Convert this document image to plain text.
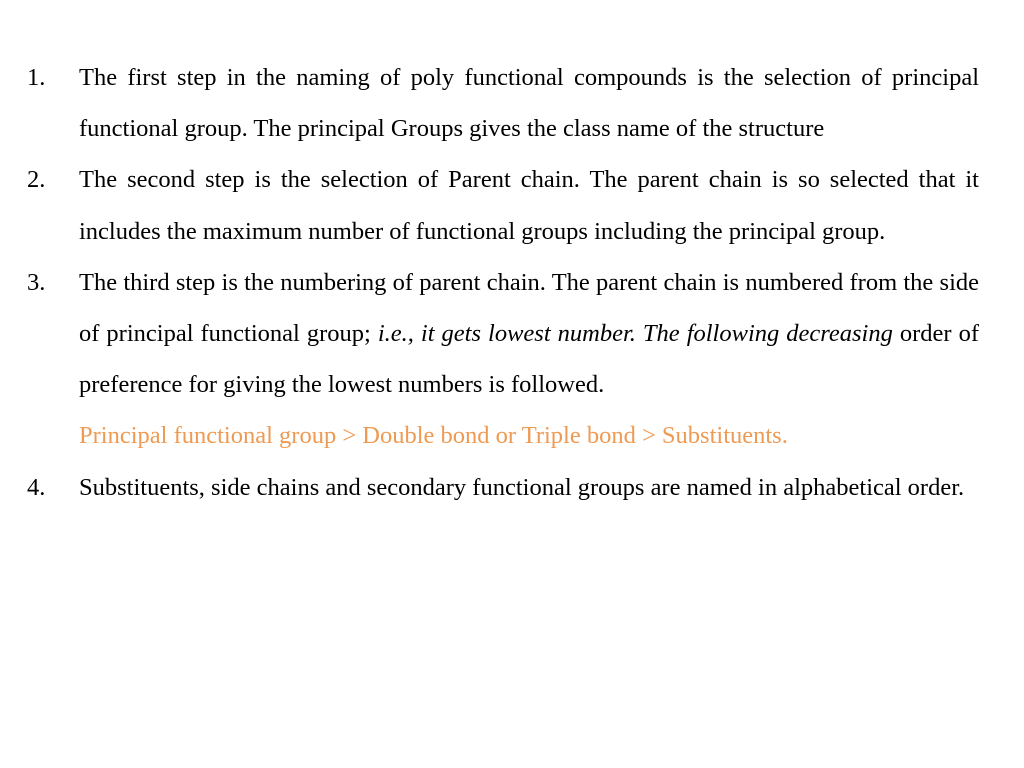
1. The first step in the naming of poly functional compounds is the selection of principal functional group. The principal Groups gives the class name of the structure
2. The second step is the selection of Parent chain. The parent chain is so selected that it includes the maximum number of functional groups including the principal group.
3. The third step is the numbering of parent chain. The parent chain is numbered from the side of principal functional group; i.e., it gets lowest number. The following decreasing order of preference for giving the lowest numbers is followed.
Principal functional group > Double bond or Triple bond > Substituents.
4. Substituents, side chains and secondary functional groups are named in alphabetical order.
